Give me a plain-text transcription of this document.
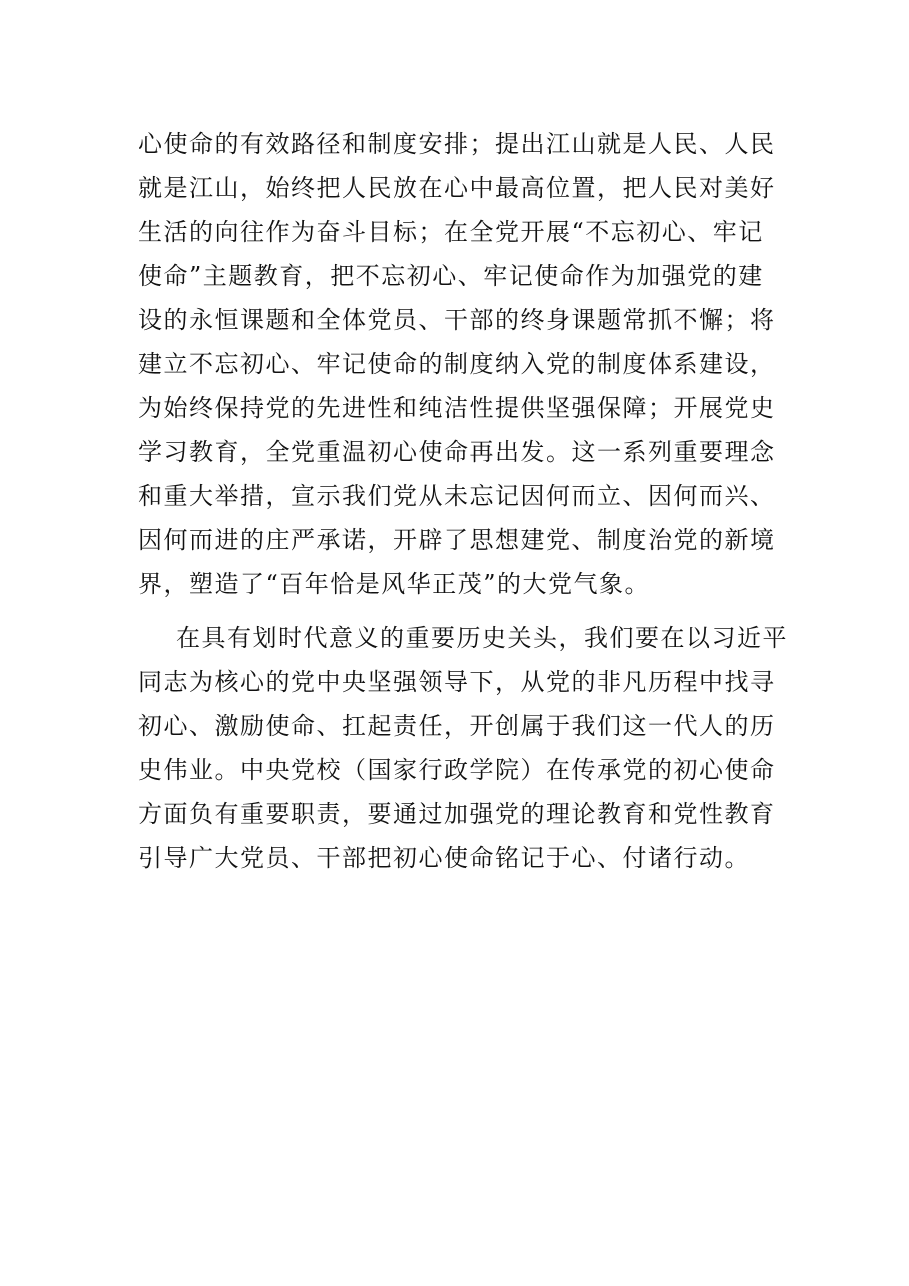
心使命的有效路径和制度安排；提出江山就是人民、人民
就是江山，始终把人民放在心中最高位置，把人民对美好
生活的向往作为奋斗目标；在全党开展“不忘初心、牢记
使命”主题教育，把不忘初心、牢记使命作为加强党的建
设的永恒课题和全体党员、干部的终身课题常抓不懈；将
建立不忘初心、牢记使命的制度纳入党的制度体系建设，
为始终保持党的先进性和纯洁性提供坚强保障；开展党史
学习教育，全党重温初心使命再出发。这一系列重要理念
和重大举措，宣示我们党从未忘记因何而立、因何而兴、
因何而进的庄严承诺，开辟了思想建党、制度治党的新境
界，塑造了“百年恰是风华正茂”的大党气象。
在具有划时代意义的重要历史关头，我们要在以习近平
同志为核心的党中央坚强领导下，从党的非凡历程中找寻
初心、激励使命、扛起责任，开创属于我们这一代人的历
史伟业。中央党校（国家行政学院）在传承党的初心使命
方面负有重要职责，要通过加强党的理论教育和党性教育
引导广大党员、干部把初心使命铭记于心、付诸行动。
